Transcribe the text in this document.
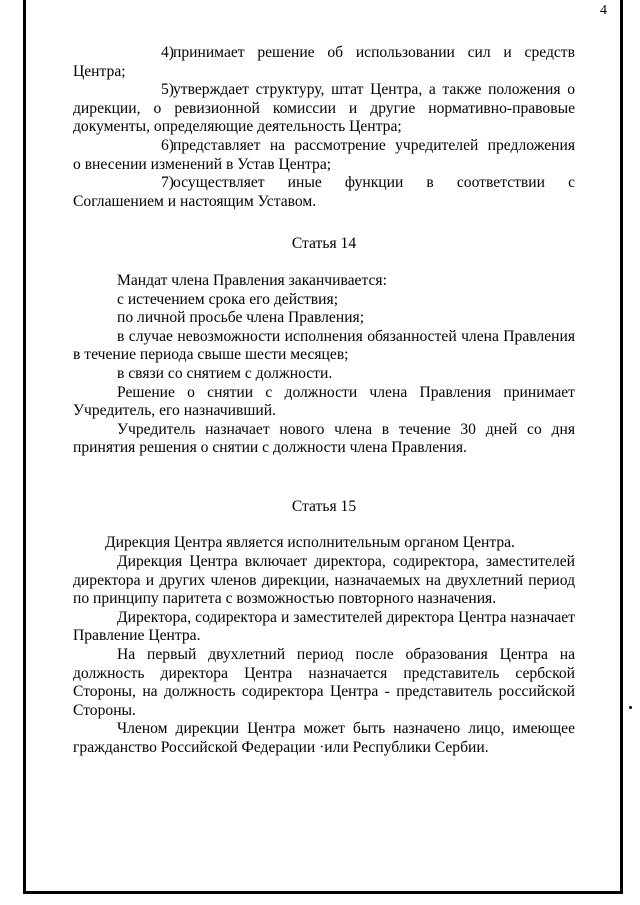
4

4)принимает решение об использовании сил и средств

Центра;

5)утверждает структуру, штат Центра, а также положения о

дирекции, о ревизионной комиссии и другие нормативно-правовые документы, определяющие деятельность Центра;

6)представляет на рассмотрение учредителей предложения

о внесении изменений в Устав Центра;

7)осуществляет иные функции в соответствии с

Соглашением и настоящим Уставом.

Статья 14

Мандат члена Правления заканчивается:

с истечением срока его действия;

по личной просьбе члена Правления;

в случае невозможности исполнения обязанностей члена Правления в течение периода свыше шести месяцев;

в связи со снятием с должности.

Решение о снятии с должности члена Правления принимает Учредитель, его назначивший.

Учредитель назначает нового члена в течение 30 дней со дня принятия решения о снятии с должности члена Правления.

Статья 15

Дирекция Центра является исполнительным органом Центра.

Дирекция Центра включает директора, содиректора, заместителей директора и других членов дирекции, назначаемых на двухлетний период по принципу паритета с возможностью повторного назначения.

Директора, содиректора и заместителей директора Центра назначает Правление Центра.

На первый двухлетний период после образования Центра на должность директора Центра назначается представитель сербской Стороны, на должность содиректора Центра - представитель российской Стороны.

Членом дирекции Центра может быть назначено лицо, имеющее гражданство Российской Федерации ·или Республики Сербии.
